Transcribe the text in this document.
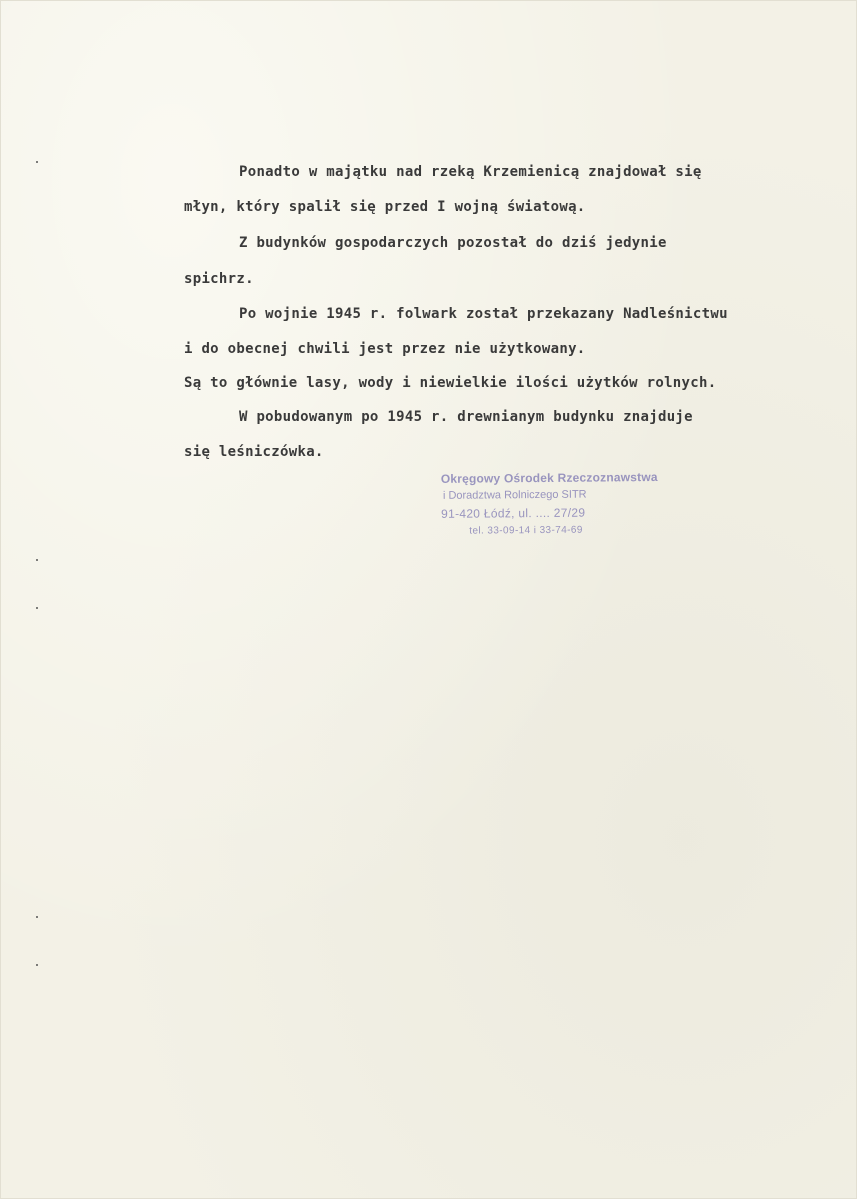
Ponadto w majątku nad rzeką Krzemienicą znajdował się
młyn, który spalił się przed I wojną światową.
Z budynków gospodarczych pozostał do dziś jedynie
spichrz.
Po wojnie 1945 r. folwark został przekazany Nadleśnictwu
i do obecnej chwili jest przez nie użytkowany.
Są to głównie lasy, wody i niewielkie ilości użytków rolnych.
W pobudowanym po 1945 r. drewnianym budynku znajduje
się leśniczówka.
Okręgowy Ośrodek Rzeczoznawstwa
i Doradztwa Rolniczego SITR
91-420 Łódź, ul. .... 27/29
tel. 33-09-14 i 33-74-69
